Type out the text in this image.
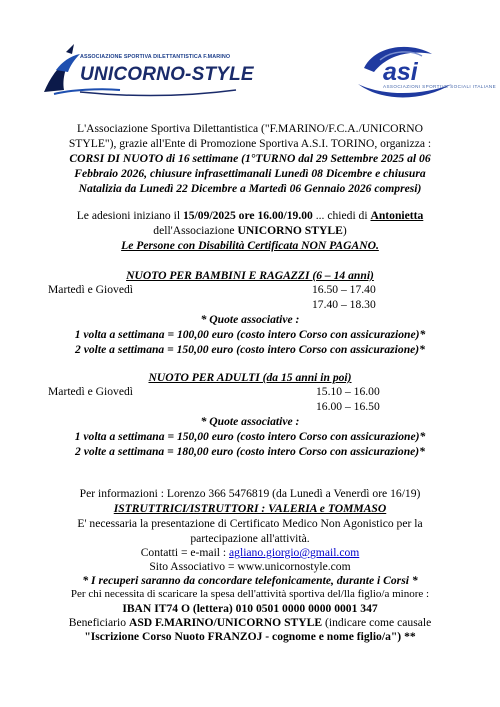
ASSOCIAZIONE SPORTIVA DILETTANTISTICA F.MARINO
UNICORNO-STYLE	asi
ASSOCIAZIONI SPORTIVE SOCIALI ITALIANE
L'Associazione Sportiva Dilettantistica ("F.MARINO/F.C.A./UNICORNO
STYLE"), grazie all'Ente di Promozione Sportiva A.S.I. TORINO, organizza :
CORSI DI NUOTO di 16 settimane (1°TURNO dal 29 Settembre 2025 al 06
Febbraio 2026, chiusure infrasettimanali Lunedì 08 Dicembre e chiusura
Natalizia da Lunedì 22 Dicembre a Martedì 06 Gennaio 2026 compresi)
Le adesioni iniziano il 15/09/2025 ore 16.00/19.00 ... chiedi di Antonietta
dell'Associazione UNICORNO STYLE)
Le Persone con Disabilità Certificata NON PAGANO.
NUOTO PER BAMBINI E RAGAZZI (6 – 14 anni)
Martedì e Giovedì	16.50 – 17.40
17.40 – 18.30
* Quote associative :
1 volta a settimana = 100,00 euro (costo intero Corso con assicurazione)*
2 volte a settimana = 150,00 euro (costo intero Corso con assicurazione)*
NUOTO PER ADULTI (da 15 anni in poi)
Martedì e Giovedì	15.10 – 16.00
16.00 – 16.50
* Quote associative :
1 volta a settimana = 150,00 euro (costo intero Corso con assicurazione)*
2 volte a settimana = 180,00 euro (costo intero Corso con assicurazione)*
Per informazioni : Lorenzo 366 5476819 (da Lunedì a Venerdì ore 16/19)
ISTRUTTRICI/ISTRUTTORI : VALERIA e TOMMASO
E' necessaria la presentazione di Certificato Medico Non Agonistico per la
partecipazione all'attività.
Contatti = e-mail : agliano.giorgio@gmail.com
Sito Associativo = www.unicornostyle.com
* I recuperi saranno da concordare telefonicamente, durante i Corsi *
Per chi necessita di scaricare la spesa dell'attività sportiva del/lla figlio/a minore :
IBAN IT74 O (lettera) 010 0501 0000 0000 0001 347
Beneficiario ASD F.MARINO/UNICORNO STYLE (indicare come causale
"Iscrizione Corso Nuoto FRANZOJ - cognome e nome figlio/a") **
